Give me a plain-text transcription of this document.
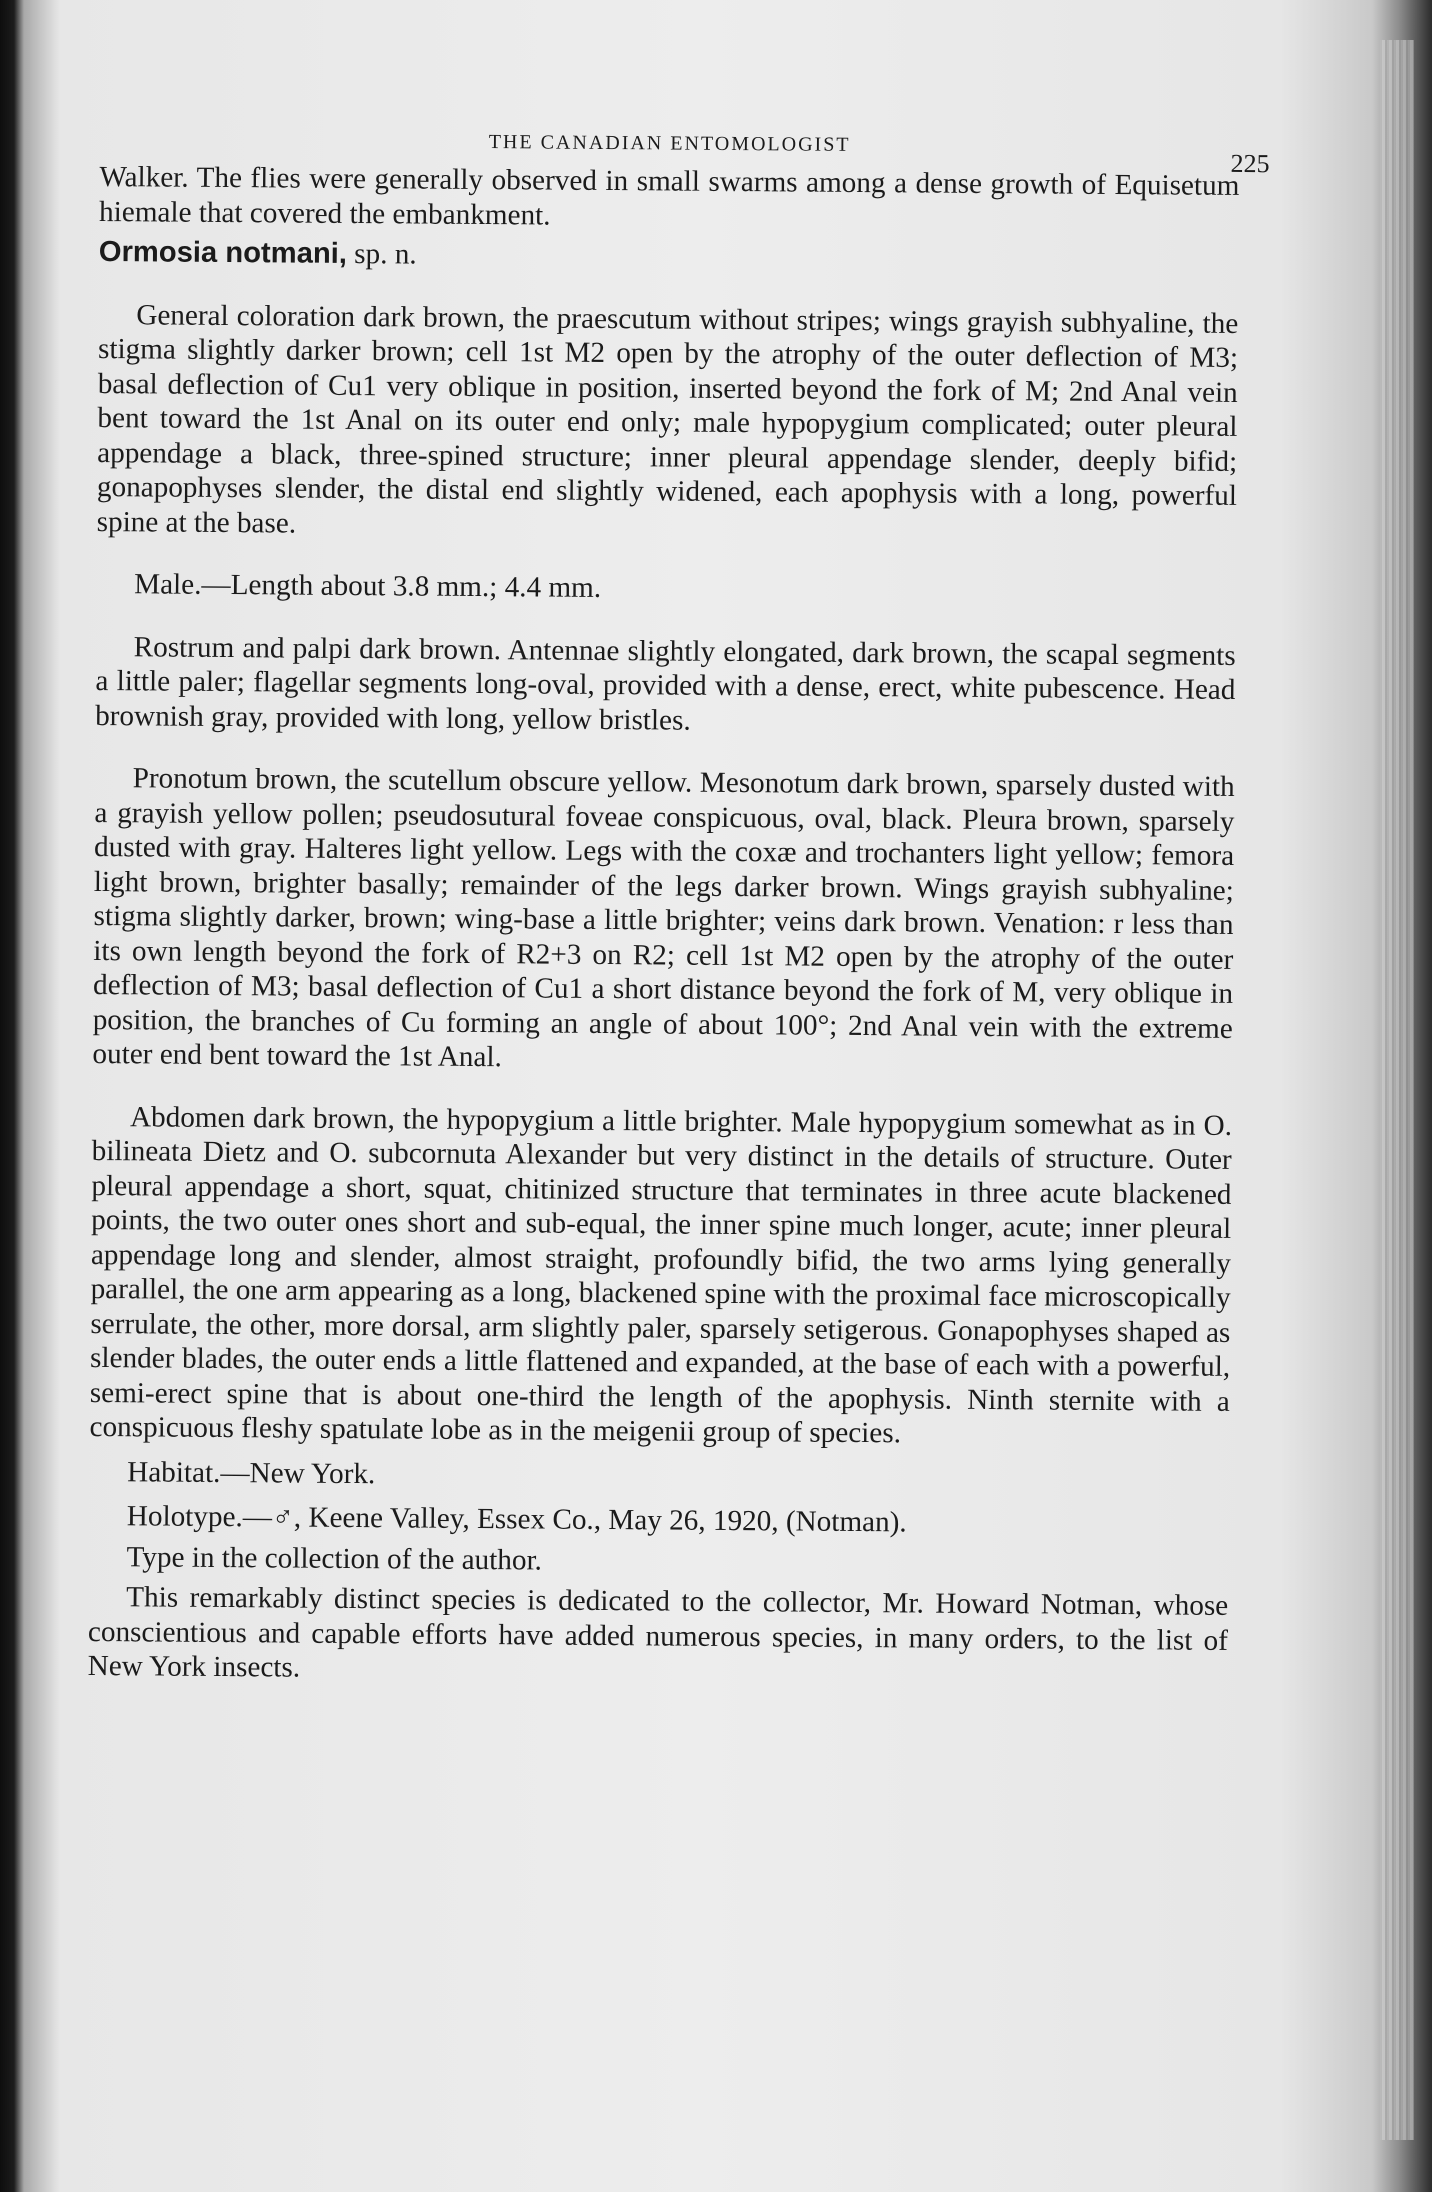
THE CANADIAN ENTOMOLOGIST
225

Walker. The flies were generally observed in small swarms among a dense growth of Equisetum hiemale that covered the embankment.

Ormosia notmani, sp. n.

General coloration dark brown, the praescutum without stripes; wings grayish subhyaline, the stigma slightly darker brown; cell 1st M2 open by the atrophy of the outer deflection of M3; basal deflection of Cu1 very oblique in position, inserted beyond the fork of M; 2nd Anal vein bent toward the 1st Anal on its outer end only; male hypopygium complicated; outer pleural appendage a black, three-spined structure; inner pleural appendage slender, deeply bifid; gonapophyses slender, the distal end slightly widened, each apophysis with a long, powerful spine at the base.

Male.—Length about 3.8 mm.; 4.4 mm.

Rostrum and palpi dark brown. Antennae slightly elongated, dark brown, the scapal segments a little paler; flagellar segments long-oval, provided with a dense, erect, white pubescence. Head brownish gray, provided with long, yellow bristles.

Pronotum brown, the scutellum obscure yellow. Mesonotum dark brown, sparsely dusted with a grayish yellow pollen; pseudosutural foveae conspicuous, oval, black. Pleura brown, sparsely dusted with gray. Halteres light yellow. Legs with the coxæ and trochanters light yellow; femora light brown, brighter basally; remainder of the legs darker brown. Wings grayish subhyaline; stigma slightly darker, brown; wing-base a little brighter; veins dark brown. Venation: r less than its own length beyond the fork of R2+3 on R2; cell 1st M2 open by the atrophy of the outer deflection of M3; basal deflection of Cu1 a short distance beyond the fork of M, very oblique in position, the branches of Cu forming an angle of about 100°; 2nd Anal vein with the extreme outer end bent toward the 1st Anal.

Abdomen dark brown, the hypopygium a little brighter. Male hypopygium somewhat as in O. bilineata Dietz and O. subcornuta Alexander but very distinct in the details of structure. Outer pleural appendage a short, squat, chitinized structure that terminates in three acute blackened points, the two outer ones short and sub-equal, the inner spine much longer, acute; inner pleural appendage long and slender, almost straight, profoundly bifid, the two arms lying generally parallel, the one arm appearing as a long, blackened spine with the proximal face microscopically serrulate, the other, more dorsal, arm slightly paler, sparsely setigerous. Gonapophyses shaped as slender blades, the outer ends a little flattened and expanded, at the base of each with a powerful, semi-erect spine that is about one-third the length of the apophysis. Ninth sternite with a conspicuous fleshy spatulate lobe as in the meigenii group of species.

Habitat.—New York.

Holotype.—♂, Keene Valley, Essex Co., May 26, 1920, (Notman).

Type in the collection of the author.

This remarkably distinct species is dedicated to the collector, Mr. Howard Notman, whose conscientious and capable efforts have added numerous species, in many orders, to the list of New York insects.
